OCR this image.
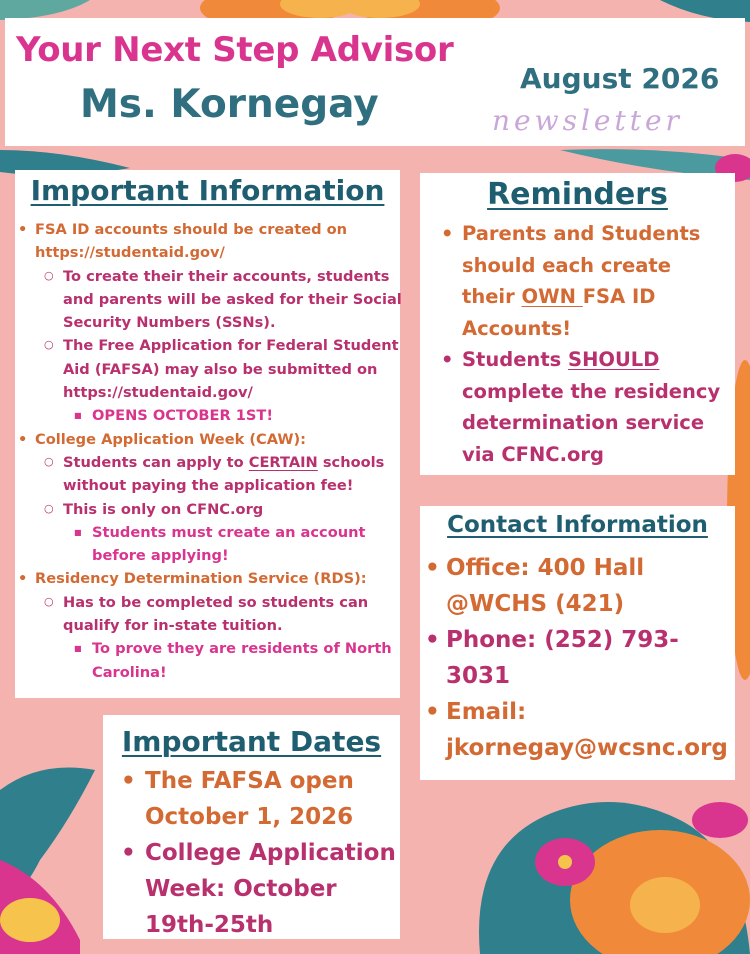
Your Next Step Advisor
Ms. Kornegay
August 2026
newsletter
Important Information
• FSA ID accounts should be created on https://studentaid.gov/
○ To create their their accounts, students and parents will be asked for their Social Security Numbers (SSNs).
○ The Free Application for Federal Student Aid (FAFSA) may also be submitted on https://studentaid.gov/
■ OPENS OCTOBER 1ST!
• College Application Week (CAW):
○ Students can apply to CERTAIN schools without paying the application fee!
○ This is only on CFNC.org
■ Students must create an account before applying!
• Residency Determination Service (RDS):
○ Has to be completed so students can qualify for in-state tuition.
■ To prove they are residents of North Carolina!
Reminders
• Parents and Students should each create their OWN FSA ID Accounts!
• Students SHOULD complete the residency determination service via CFNC.org
Contact Information
• Office: 400 Hall @WCHS (421)
• Phone: (252) 793-3031
• Email:
jkornegay@wcsnc.org
Important Dates
• The FAFSA open October 1, 2026
• College Application Week: October 19th-25th
